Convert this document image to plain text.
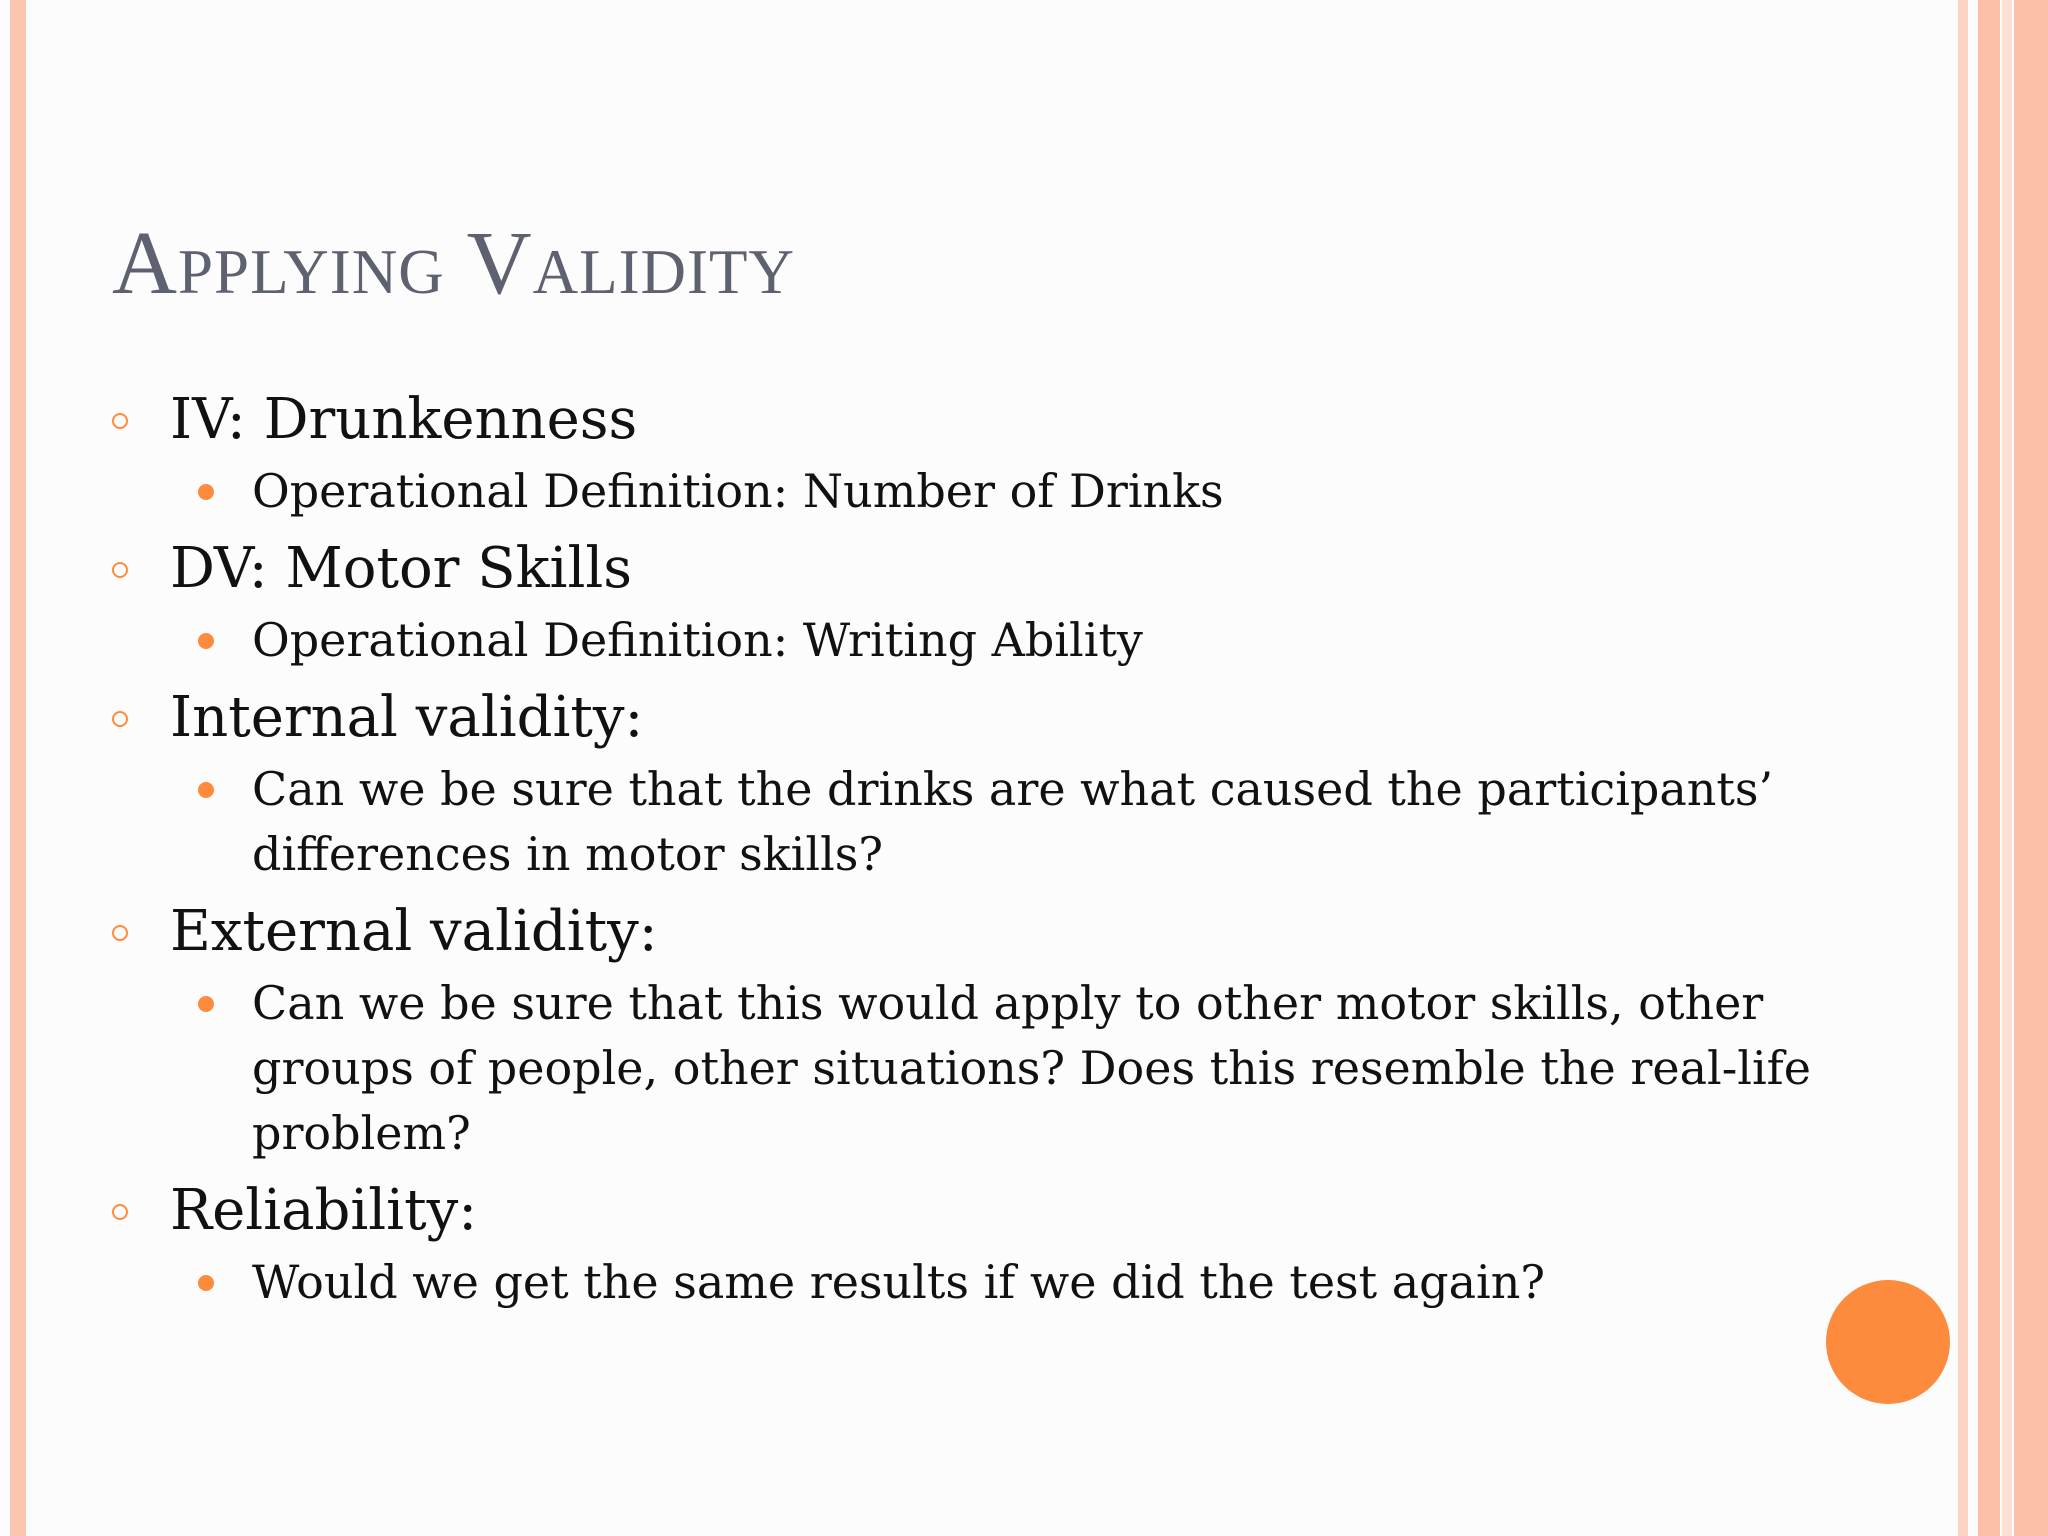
Applying Validity

IV: Drunkenness

Operational Definition: Number of Drinks

DV: Motor Skills

Operational Definition: Writing Ability

Internal validity:

Can we be sure that the drinks are what caused the participants’ differences in motor skills?

External validity:

Can we be sure that this would apply to other motor skills, other groups of people, other situations? Does this resemble the real-life problem?

Reliability:

Would we get the same results if we did the test again?
